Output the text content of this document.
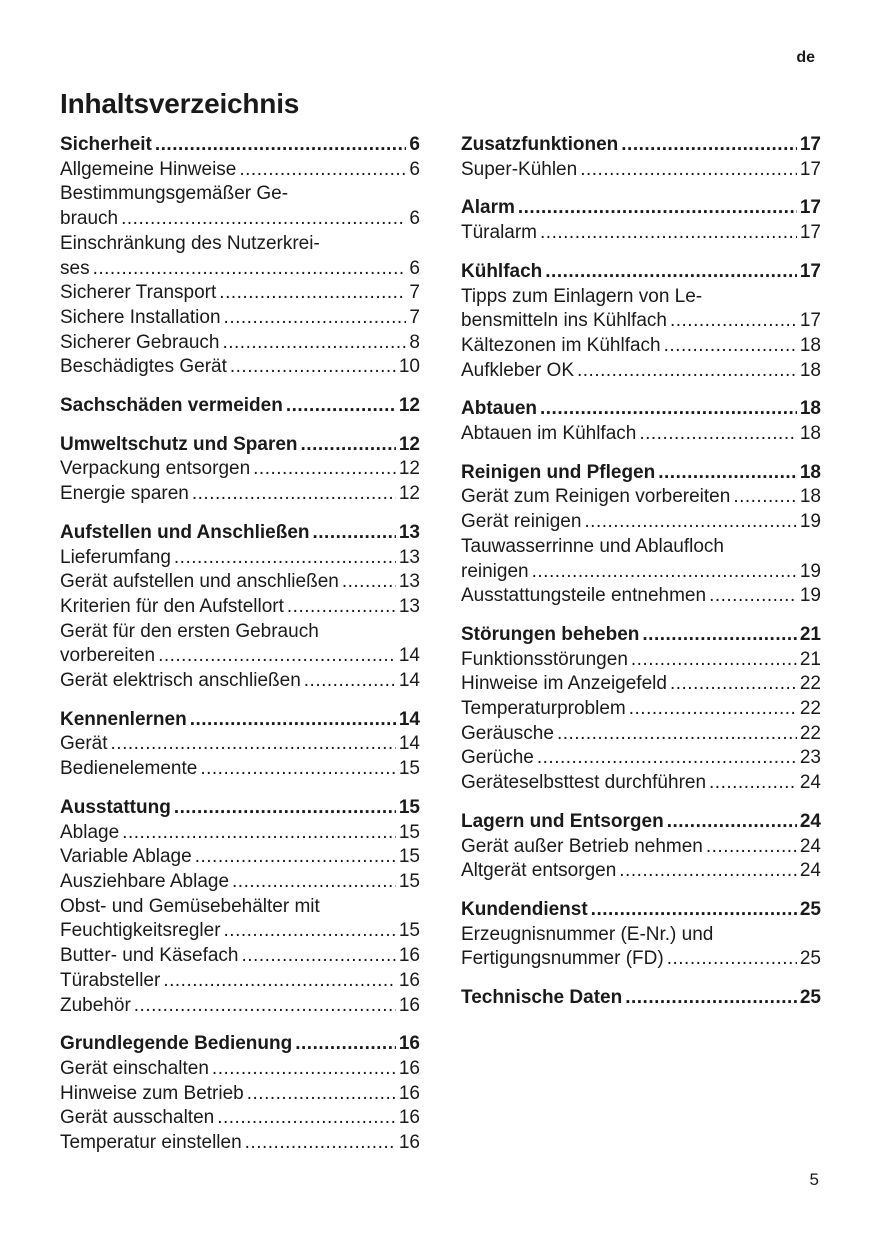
de
Inhaltsverzeichnis
Sicherheit .....	6
Allgemeine Hinweise .....	6
Bestimmungsgemäßer Ge-
brauch .....	6
Einschränkung des Nutzerkrei-
ses .....	6
Sicherer Transport .....	7
Sichere Installation .....	7
Sicherer Gebrauch .....	8
Beschädigtes Gerät .....	10
Sachschäden vermeiden .....	12
Umweltschutz und Sparen .....	12
Verpackung entsorgen .....	12
Energie sparen .....	12
Aufstellen und Anschließen .....	13
Lieferumfang .....	13
Gerät aufstellen und anschließen .....	13
Kriterien für den Aufstellort .....	13
Gerät für den ersten Gebrauch
vorbereiten .....	14
Gerät elektrisch anschließen .....	14
Kennenlernen .....	14
Gerät .....	14
Bedienelemente .....	15
Ausstattung .....	15
Ablage .....	15
Variable Ablage .....	15
Ausziehbare Ablage .....	15
Obst- und Gemüsebehälter mit
Feuchtigkeitsregler .....	15
Butter- und Käsefach .....	16
Türabsteller .....	16
Zubehör .....	16
Grundlegende Bedienung .....	16
Gerät einschalten .....	16
Hinweise zum Betrieb .....	16
Gerät ausschalten .....	16
Temperatur einstellen .....	16
Zusatzfunktionen .....	17
Super-Kühlen .....	17
Alarm .....	17
Türalarm .....	17
Kühlfach .....	17
Tipps zum Einlagern von Le-
bensmitteln ins Kühlfach .....	17
Kältezonen im Kühlfach .....	18
Aufkleber OK .....	18
Abtauen .....	18
Abtauen im Kühlfach .....	18
Reinigen und Pflegen .....	18
Gerät zum Reinigen vorbereiten .....	18
Gerät reinigen .....	19
Tauwasserrinne und Ablaufloch
reinigen .....	19
Ausstattungsteile entnehmen .....	19
Störungen beheben .....	21
Funktionsstörungen .....	21
Hinweise im Anzeigefeld .....	22
Temperaturproblem .....	22
Geräusche .....	22
Gerüche .....	23
Geräteselbsttest durchführen .....	24
Lagern und Entsorgen .....	24
Gerät außer Betrieb nehmen .....	24
Altgerät entsorgen .....	24
Kundendienst .....	25
Erzeugnisnummer (E-Nr.) und
Fertigungsnummer (FD) .....	25
Technische Daten .....	25
5
